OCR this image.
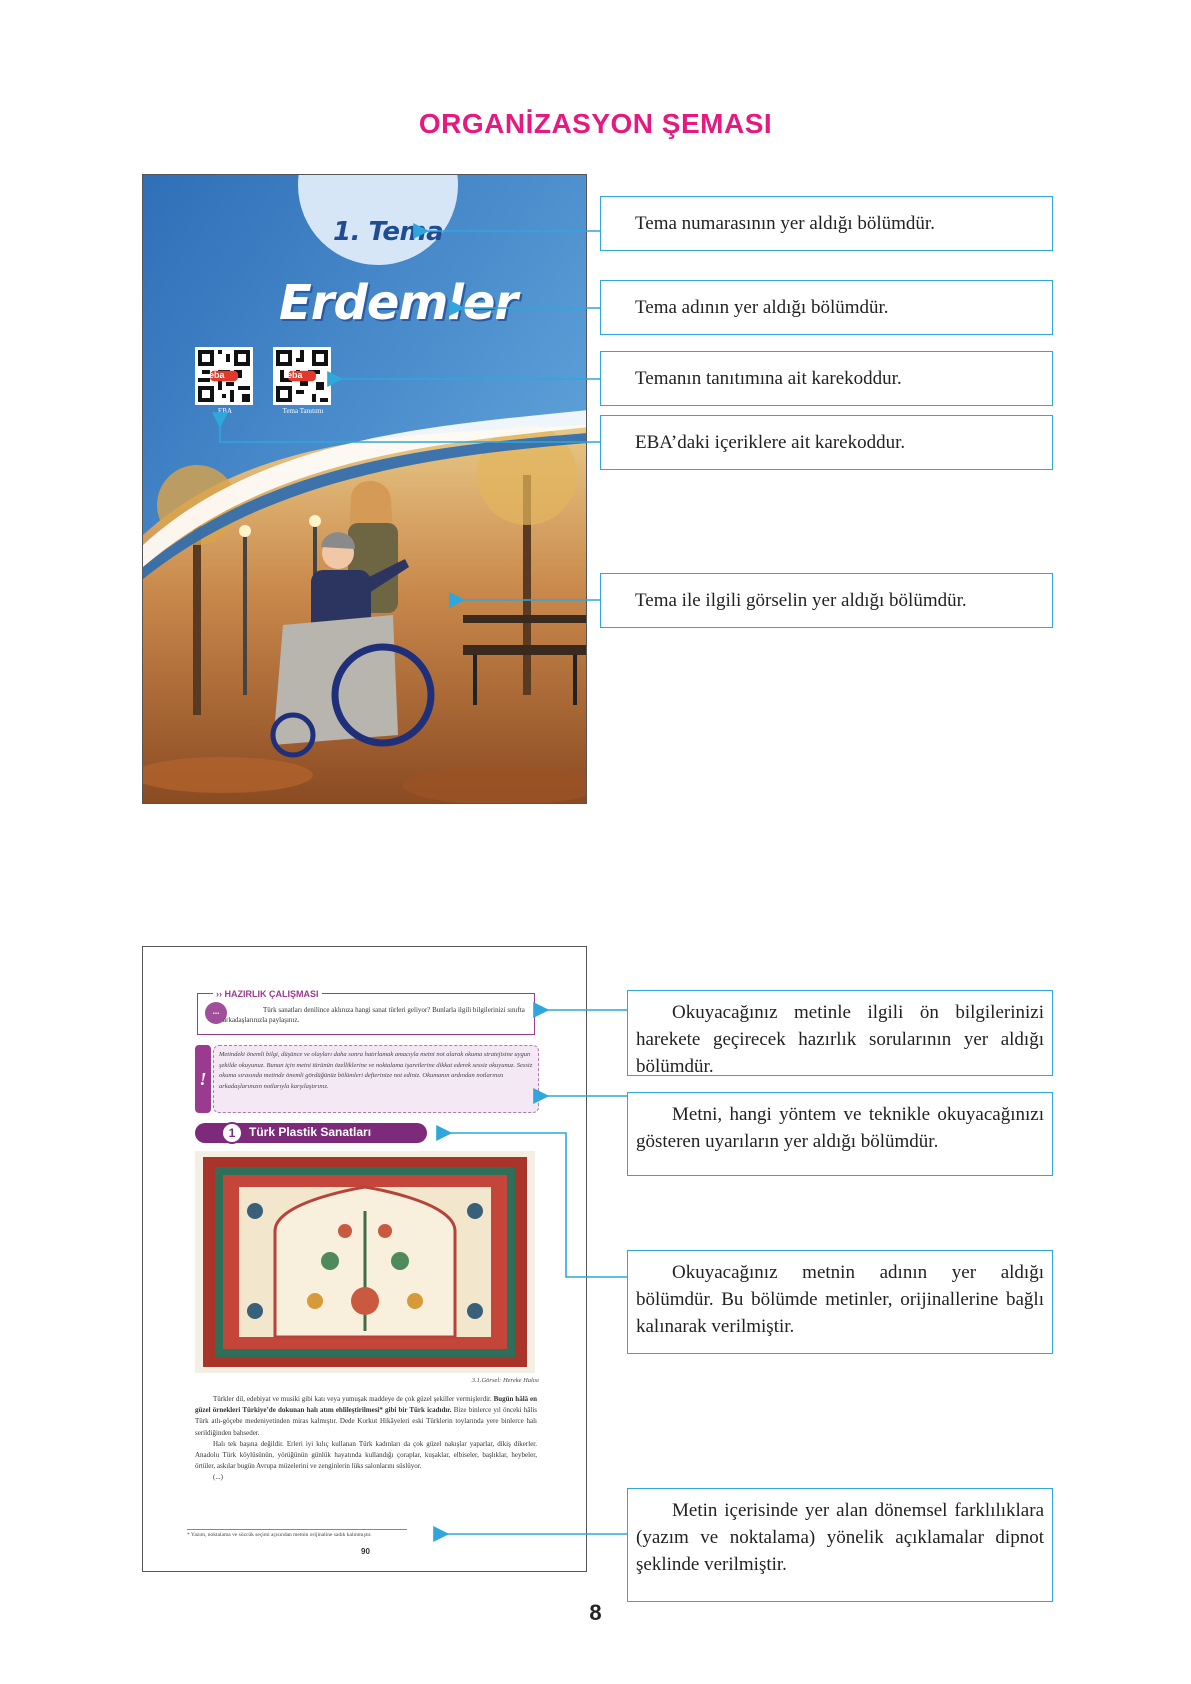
ORGANİZASYON ŞEMASI
1. Tema
Erdemler
eba
EBA
eba
Tema Tanıtımı
Tema numarasının yer aldığı bölümdür.
Tema adının yer aldığı bölümdür.
Temanın tanıtımına ait karekoddur.
EBA’daki içeriklere ait karekoddur.
Tema ile ilgili görselin yer aldığı bölümdür.
›› HAZIRLIK ÇALIŞMASI
...	Türk sanatları denilince aklınıza hangi sanat türleri geliyor? Bunlarla ilgili bilgilerinizi sınıfta arkadaşlarınızla paylaşınız.
!
Metindeki önemli bilgi, düşünce ve olayları daha sonra hatırlamak amacıyla metni not alarak okuma stratejisine uygun şekilde okuyunuz. Bunun için metni türünün özelliklerine ve noktalama işaretlerine dikkat ederek sessiz okuyunuz. Sessiz okuma sırasında metinde önemli gördüğünüz bölümleri defterinize not ediniz. Okumanın ardından notlarınızı arkadaşlarınızın notlarıyla karşılaştırınız.
1	Türk Plastik Sanatları
3.1.Görsel: Hereke Halısı

Türkler dil, edebiyat ve musiki gibi katı veya yumuşak maddeye de çok güzel şekiller vermişlerdir. Bugün hâlâ en güzel örnekleri Türkiye’de dokunan halı atım ehlileştirilmesi* gibi bir Türk icadıdır. Bize binlerce yıl önceki hâlis Türk atlı-göçebe medeniyetinden miras kalmıştır. Dede Korkut Hikâyeleri eski Türklerin toylarında yere binlerce halı serildiğinden bahseder.

Halı tek başına değildir. Erleri iyi kılıç kullanan Türk kadınları da çok güzel nakışlar yaparlar, dikiş dikerler. Anadolu Türk köylüsünün, yörüğünün günlük hayatında kullandığı çoraplar, kuşaklar, elbiseler, başlıklar, heybeler, örtüler, askılar bugün Avrupa müzelerini ve zenginlerin lüks salonlarını süslüyor.

(...)

* Yazım, noktalama ve sözcük seçimi açısından metnin orijinaline sadık kalınmıştır.
90
Okuyacağınız metinle ilgili ön bilgilerinizi harekete geçirecek hazırlık sorularının yer aldığı bölümdür.
Metni, hangi yöntem ve teknikle okuyacağınızı gösteren uyarıların yer aldığı bölümdür.
Okuyacağınız metnin adının yer aldığı bölümdür. Bu bölümde metinler, orijinallerine bağlı kalınarak verilmiştir.
Metin içerisinde yer alan dönemsel farklılıklara (yazım ve noktalama) yönelik açıklamalar dipnot şeklinde verilmiştir.
8
